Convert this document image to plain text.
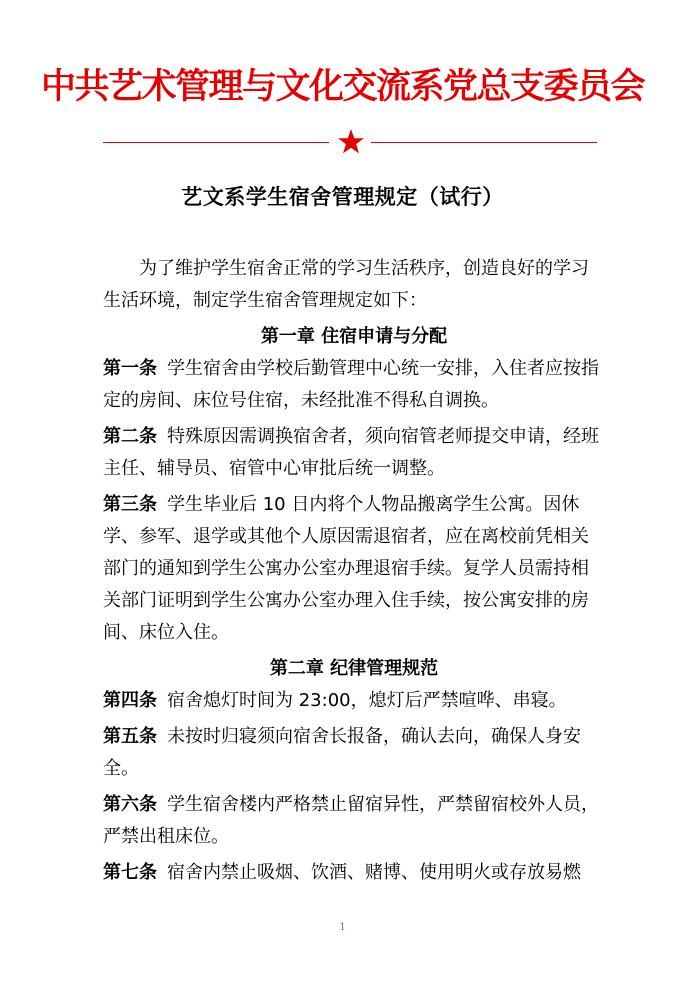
中共艺术管理与文化交流系党总支委员会
艺文系学生宿舍管理规定（试行）

为了维护学生宿舍正常的学习生活秩序，创造良好的学习生活环境，制定学生宿舍管理规定如下：

第一章 住宿申请与分配

第一条 学生宿舍由学校后勤管理中心统一安排，入住者应按指定的房间、床位号住宿，未经批准不得私自调换。

第二条 特殊原因需调换宿舍者，须向宿管老师提交申请，经班主任、辅导员、宿管中心审批后统一调整。

第三条 学生毕业后 10 日内将个人物品搬离学生公寓。因休学、参军、退学或其他个人原因需退宿者，应在离校前凭相关部门的通知到学生公寓办公室办理退宿手续。复学人员需持相关部门证明到学生公寓办公室办理入住手续，按公寓安排的房间、床位入住。

第二章 纪律管理规范

第四条 宿舍熄灯时间为 23:00，熄灯后严禁喧哗、串寝。

第五条 未按时归寝须向宿舍长报备，确认去向，确保人身安全。

第六条 学生宿舍楼内严格禁止留宿异性，严禁留宿校外人员，严禁出租床位。

第七条 宿舍内禁止吸烟、饮酒、赌博、使用明火或存放易燃

1
